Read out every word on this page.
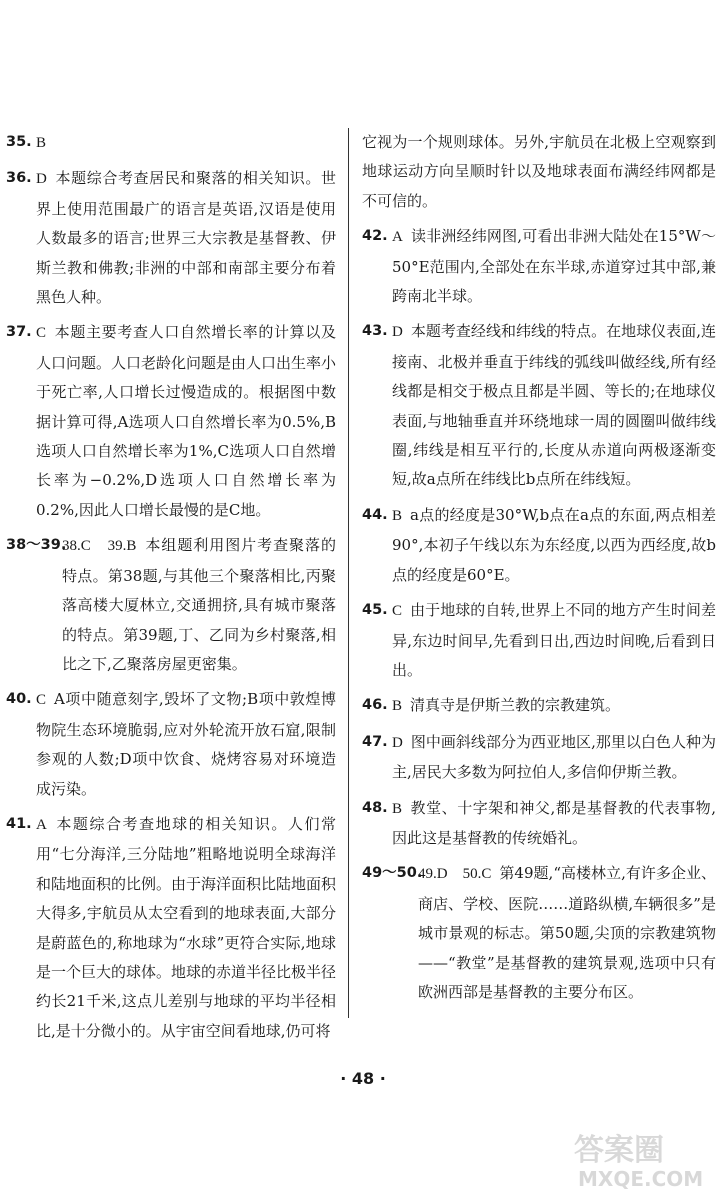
35. B

36. D 本题综合考查居民和聚落的相关知识。世界上使用范围最广的语言是英语,汉语是使用人数最多的语言;世界三大宗教是基督教、伊斯兰教和佛教;非洲的中部和南部主要分布着黑色人种。

37. C 本题主要考查人口自然增长率的计算以及人口问题。人口老龄化问题是由人口出生率小于死亡率,人口增长过慢造成的。根据图中数据计算可得,A选项人口自然增长率为0.5%,B选项人口自然增长率为1%,C选项人口自然增长率为−0.2%,D选项人口自然增长率为0.2%,因此人口增长最慢的是C地。

38～39.
38.C　39.B 本组题利用图片考查聚落的特点。第38题,与其他三个聚落相比,丙聚落高楼大厦林立,交通拥挤,具有城市聚落的特点。第39题,丁、乙同为乡村聚落,相比之下,乙聚落房屋更密集。

40. C A项中随意刻字,毁坏了文物;B项中敦煌博物院生态环境脆弱,应对外轮流开放石窟,限制参观的人数;D项中饮食、烧烤容易对环境造成污染。

41. A 本题综合考查地球的相关知识。人们常用“七分海洋,三分陆地”粗略地说明全球海洋和陆地面积的比例。由于海洋面积比陆地面积大得多,宇航员从太空看到的地球表面,大部分是蔚蓝色的,称地球为“水球”更符合实际,地球是一个巨大的球体。地球的赤道半径比极半径约长21千米,这点儿差别与地球的平均半径相比,是十分微小的。从宇宙空间看地球,仍可将

它视为一个规则球体。另外,宇航员在北极上空观察到地球运动方向呈顺时针以及地球表面布满经纬网都是不可信的。

42. A 读非洲经纬网图,可看出非洲大陆处在15°W～50°E范围内,全部处在东半球,赤道穿过其中部,兼跨南北半球。

43. D 本题考查经线和纬线的特点。在地球仪表面,连接南、北极并垂直于纬线的弧线叫做经线,所有经线都是相交于极点且都是半圆、等长的;在地球仪表面,与地轴垂直并环绕地球一周的圆圈叫做纬线圈,纬线是相互平行的,长度从赤道向两极逐渐变短,故a点所在纬线比b点所在纬线短。

44. B a点的经度是30°W,b点在a点的东面,两点相差90°,本初子午线以东为东经度,以西为西经度,故b点的经度是60°E。

45. C 由于地球的自转,世界上不同的地方产生时间差异,东边时间早,先看到日出,西边时间晚,后看到日出。

46. B 清真寺是伊斯兰教的宗教建筑。

47. D 图中画斜线部分为西亚地区,那里以白色人种为主,居民大多数为阿拉伯人,多信仰伊斯兰教。

48. B 教堂、十字架和神父,都是基督教的代表事物,因此这是基督教的传统婚礼。

49～50.
49.D　50.C 第49题,“高楼林立,有许多企业、商店、学校、医院……道路纵横,车辆很多”是城市景观的标志。第50题,尖顶的宗教建筑物——“教堂”是基督教的建筑景观,选项中只有欧洲西部是基督教的主要分布区。

· 48 ·
答案圈
MXQE.COM
